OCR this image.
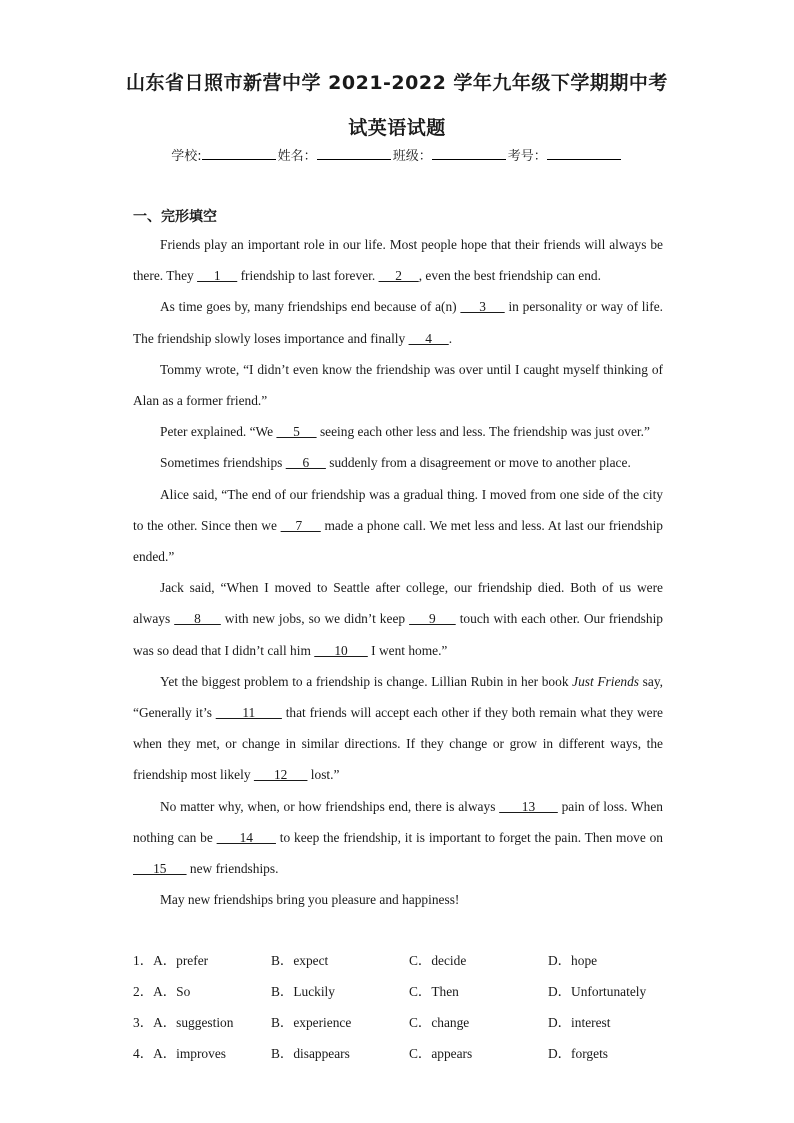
山东省日照市新营中学 2021-2022 学年九年级下学期期中考
试英语试题
学校:	姓名：	班级：	考号：
一、完形填空

Friends play an important role in our life. Most people hope that their friends will always be there. They      1      friendship to last forever.      2     , even the best friendship can end.

As time goes by, many friendships end because of a(n)      3      in personality or way of life. The friendship slowly loses importance and finally      4     .

Tommy wrote, “I didn’t even know the friendship was over until I caught myself thinking of Alan as a former friend.”

Peter explained. “We      5      seeing each other less and less. The friendship was just over.”

Sometimes friendships      6      suddenly from a disagreement or move to another place.

Alice said, “The end of our friendship was a gradual thing. I moved from one side of the city to the other. Since then we     7      made a phone call. We met less and less. At last our friendship ended.”

Jack said, “When I moved to Seattle after college, our friendship died. Both of us were always      8      with new jobs, so we didn’t keep      9      touch with each other. Our friendship was so dead that I didn’t call him       10       I went home.”

Yet the biggest problem to a friendship is change. Lillian Rubin in her book Just Friends say, “Generally it’s        11        that friends will accept each other if they both remain what they were when they met, or change in similar directions. If they change or grow in different ways, the friendship most likely       12       lost.”

No matter why, when, or how friendships end, there is always       13       pain of loss. When nothing can be       14       to keep the friendship, it is important to forget the pain. Then move on       15       new friendships.

May new friendships bring you pleasure and happiness!

1．A．prefer	B．expect	C．decide	D．hope
2．A．So	B．Luckily	C．Then	D．Unfortunately
3．A．suggestion	B．experience	C．change	D．interest
4．A．improves	B．disappears	C．appears	D．forgets
